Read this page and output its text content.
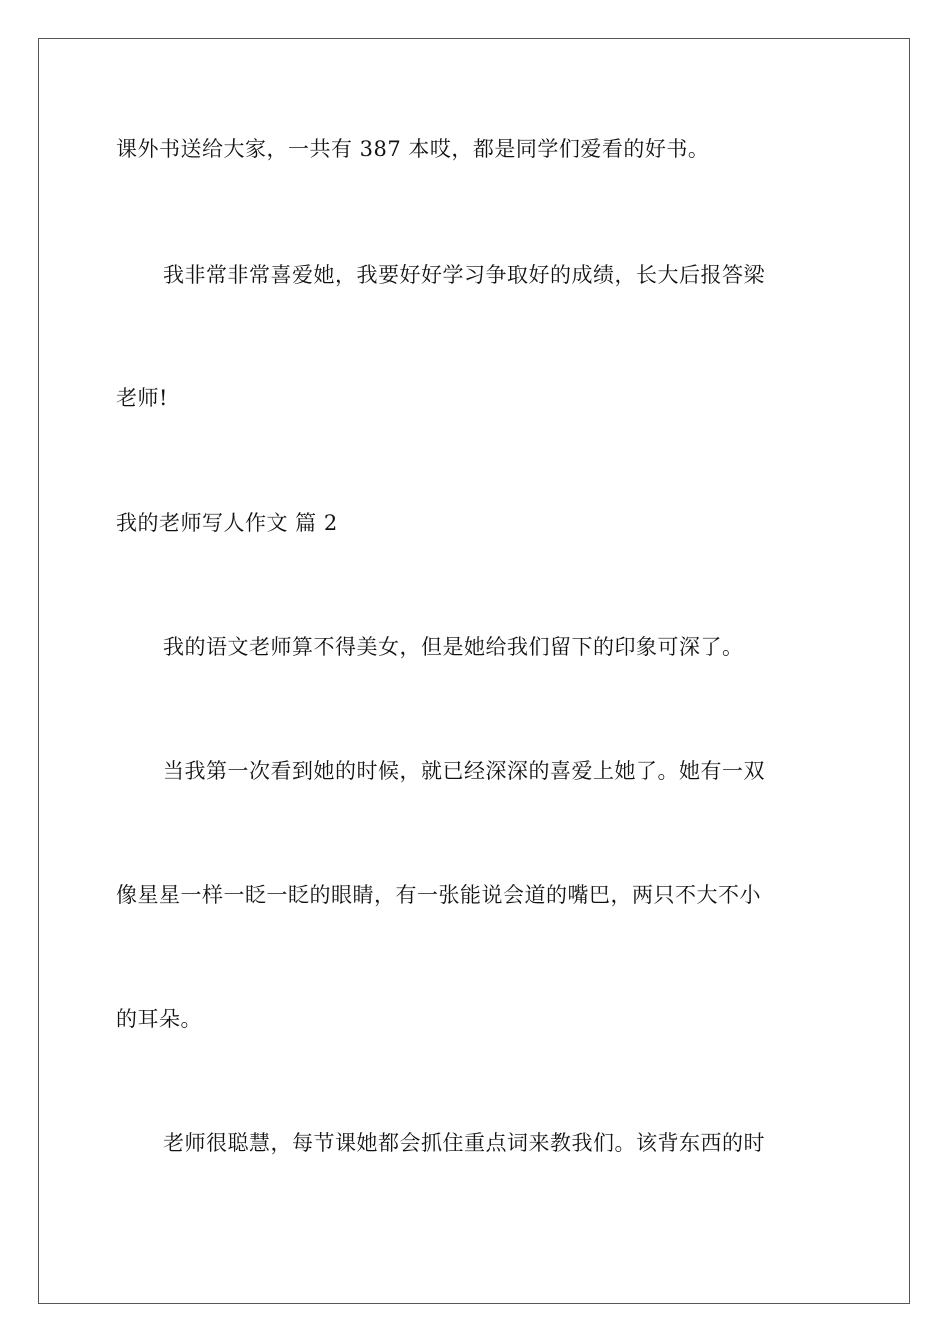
课外书送给大家，一共有 387 本哎，都是同学们爱看的好书。
我非常非常喜爱她，我要好好学习争取好的成绩，长大后报答梁
老师!
我的老师写人作文 篇 2
我的语文老师算不得美女，但是她给我们留下的印象可深了。
当我第一次看到她的时候，就已经深深的喜爱上她了。她有一双
像星星一样一眨一眨的眼睛，有一张能说会道的嘴巴，两只不大不小
的耳朵。
老师很聪慧，每节课她都会抓住重点词来教我们。该背东西的时
